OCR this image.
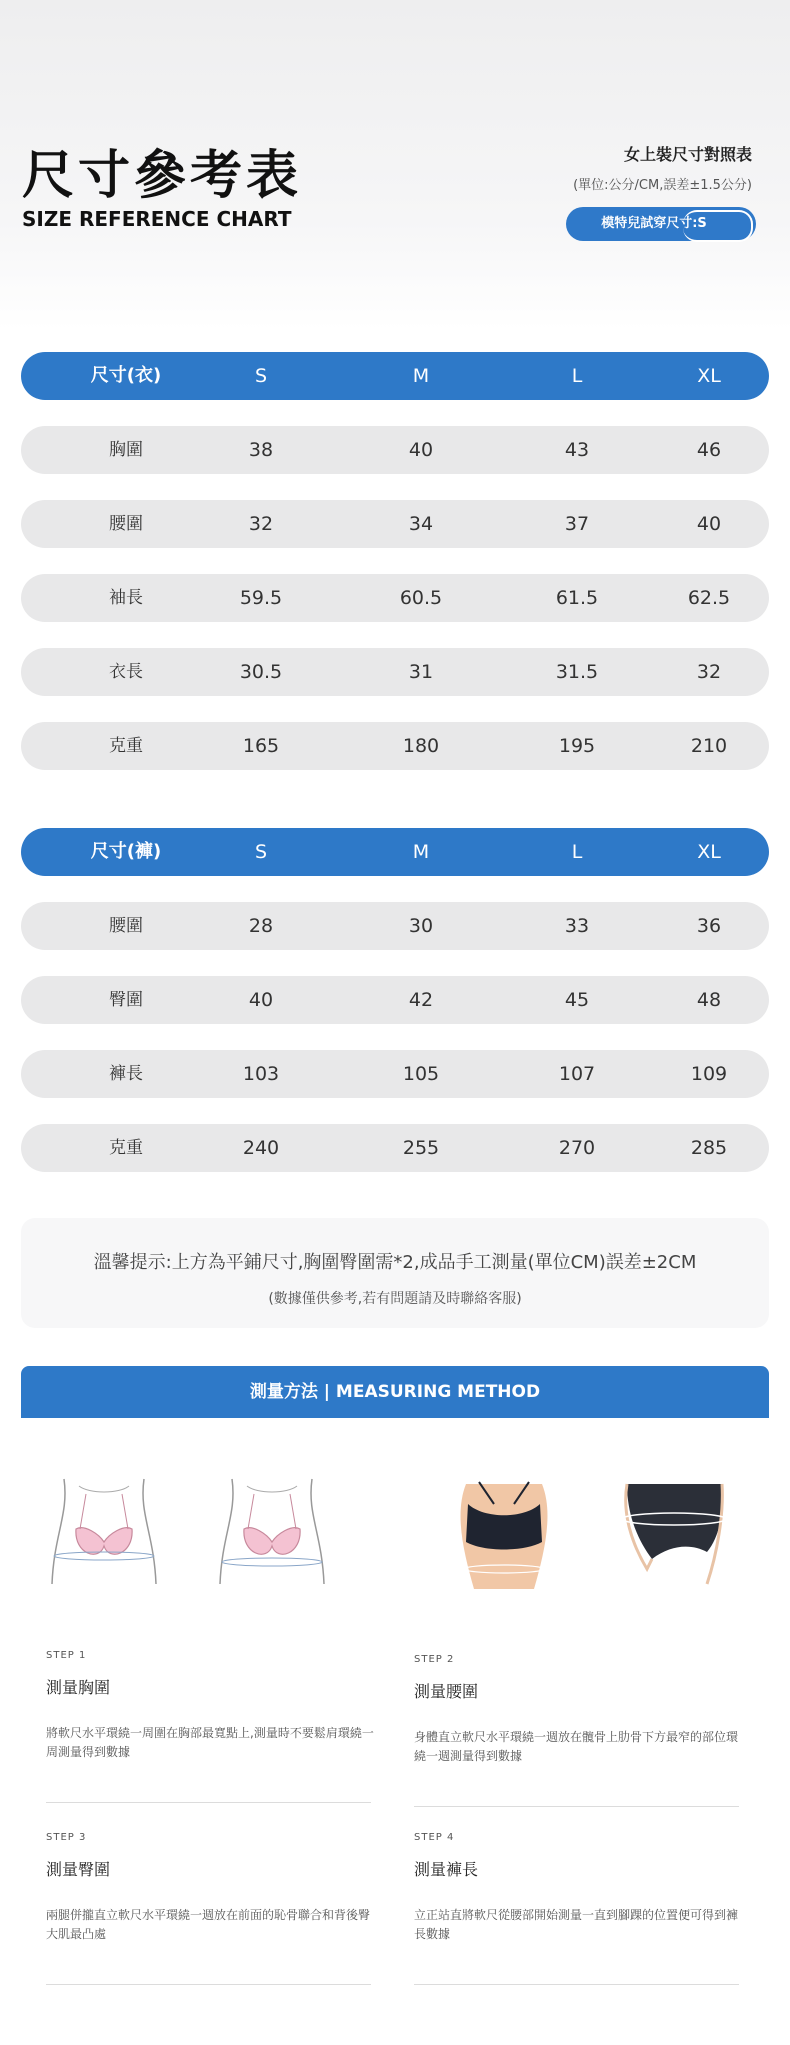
尺寸參考表
SIZE REFERENCE CHART
女上裝尺寸對照表
(單位:公分/CM,誤差±1.5公分)
模特兒試穿尺寸:S
尺寸(衣)	S	M	L	XL
胸圍	38	40	43	46
腰圍	32	34	37	40
袖長	59.5	60.5	61.5	62.5
衣長	30.5	31	31.5	32
克重	165	180	195	210
尺寸(褲)	S	M	L	XL
腰圍	28	30	33	36
臀圍	40	42	45	48
褲長	103	105	107	109
克重	240	255	270	285
溫馨提示:上方為平鋪尺寸,胸圍臀圍需*2,成品手工測量(單位CM)誤差±2CM
(數據僅供參考,若有問題請及時聯絡客服)
測量方法 | MEASURING METHOD
STEP 1
測量胸圍
將軟尺水平環繞一周圍在胸部最寬點上,測量時不要鬆肩環繞一周測量得到數據
STEP 2
測量腰圍
身體直立軟尺水平環繞一週放在髖骨上肋骨下方最窄的部位環繞一週測量得到數據
STEP 3
測量臀圍
兩腿併攏直立軟尺水平環繞一週放在前面的恥骨聯合和背後臀大肌最凸處
STEP 4
測量褲長
立正站直將軟尺從腰部開始測量一直到腳踝的位置便可得到褲長數據
